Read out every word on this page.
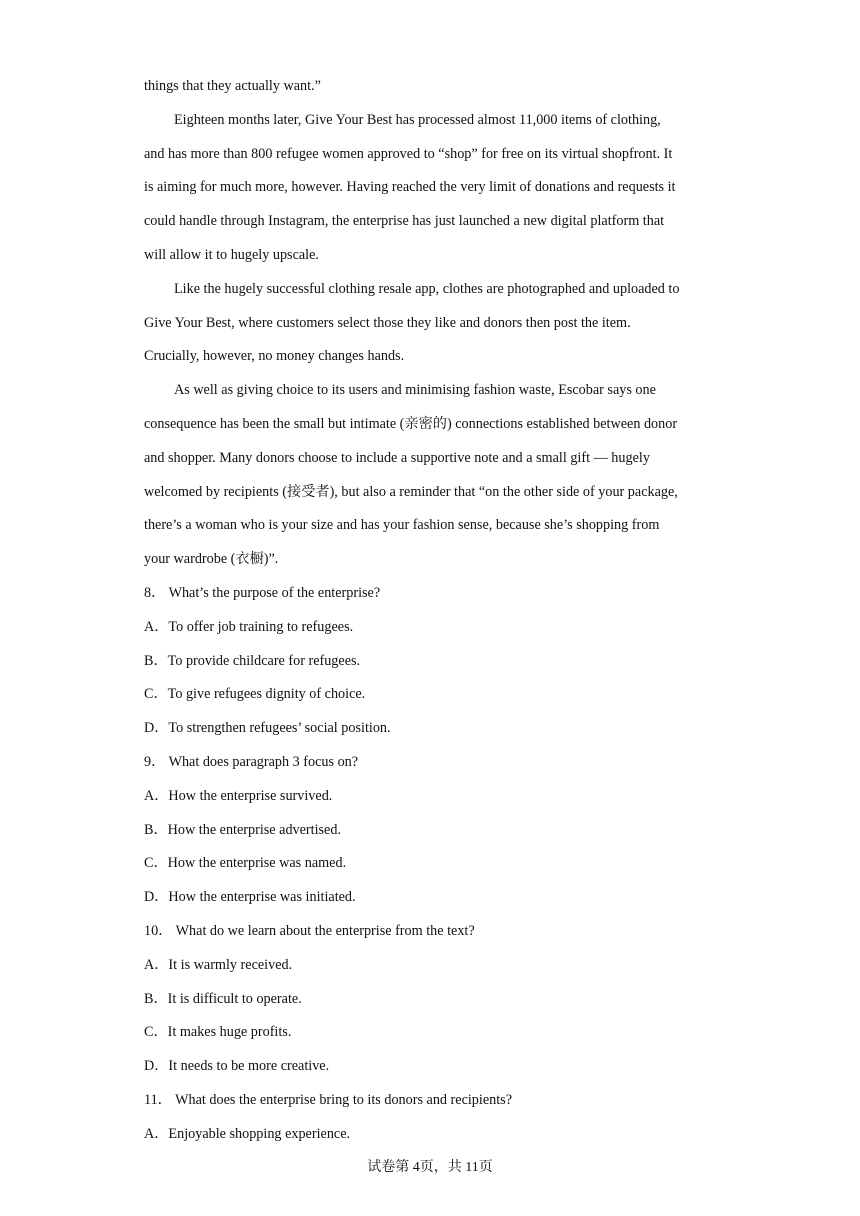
things that they actually want.”
Eighteen months later, Give Your Best has processed almost 11,000 items of clothing,
and has more than 800 refugee women approved to “shop” for free on its virtual shopfront. It
is aiming for much more, however. Having reached the very limit of donations and requests it
could handle through Instagram, the enterprise has just launched a new digital platform that
will allow it to hugely upscale.
Like the hugely successful clothing resale app, clothes are photographed and uploaded to
Give Your Best, where customers select those they like and donors then post the item.
Crucially, however, no money changes hands.
As well as giving choice to its users and minimising fashion waste, Escobar says one
consequence has been the small but intimate (亲密的) connections established between donor
and shopper. Many donors choose to include a supportive note and a small gift — hugely
welcomed by recipients (接受者), but also a reminder that “on the other side of your package,
there’s a woman who is your size and has your fashion sense, because she’s shopping from
your wardrobe (衣橱)”.
8． What’s the purpose of the enterprise?
A．To offer job training to refugees.
B．To provide childcare for refugees.
C．To give refugees dignity of choice.
D．To strengthen refugees’ social position.
9． What does paragraph 3 focus on?
A．How the enterprise survived.
B．How the enterprise advertised.
C．How the enterprise was named.
D．How the enterprise was initiated.
10． What do we learn about the enterprise from the text?
A．It is warmly received.
B．It is difficult to operate.
C．It makes huge profits.
D．It needs to be more creative.
11． What does the enterprise bring to its donors and recipients?
A．Enjoyable shopping experience.
试卷第 4页，共 11页
